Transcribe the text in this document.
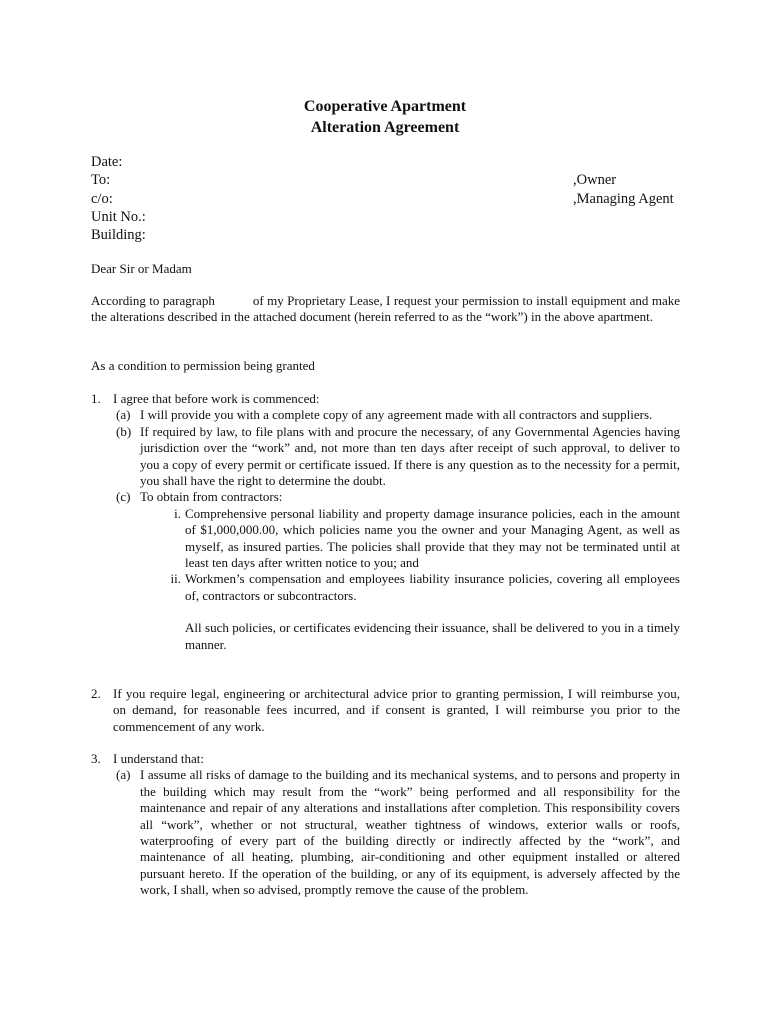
Cooperative Apartment
Alteration Agreement
Date:
To:	,Owner
c/o:	,Managing Agent
Unit No.:
Building:
Dear Sir or Madam
According to paragraph	of my Proprietary Lease, I request your permission to install equipment and make the alterations described in the attached document (herein referred to as the “work”) in the above apartment.
As a condition to permission being granted
1. I agree that before work is commenced:
(a) I will provide you with a complete copy of any agreement made with all contractors and suppliers.
(b) If required by law, to file plans with and procure the necessary, of any Governmental Agencies having jurisdiction over the “work” and, not more than ten days after receipt of such approval, to deliver to you a copy of every permit or certificate issued. If there is any question as to the necessity for a permit, you shall have the right to determine the doubt.
(c) To obtain from contractors:
i. Comprehensive personal liability and property damage insurance policies, each in the amount of $1,000,000.00, which policies name you the owner and your Managing Agent, as well as myself, as insured parties. The policies shall provide that they may not be terminated until at least ten days after written notice to you; and
ii. Workmen’s compensation and employees liability insurance policies, covering all employees of, contractors or subcontractors.
All such policies, or certificates evidencing their issuance, shall be delivered to you in a timely manner.
2. If you require legal, engineering or architectural advice prior to granting permission, I will reimburse you, on demand, for reasonable fees incurred, and if consent is granted, I will reimburse you prior to the commencement of any work.
3. I understand that:
(a) I assume all risks of damage to the building and its mechanical systems, and to persons and property in the building which may result from the “work” being performed and all responsibility for the maintenance and repair of any alterations and installations after completion. This responsibility covers all “work”, whether or not structural, weather tightness of windows, exterior walls or roofs, waterproofing of every part of the building directly or indirectly affected by the “work”, and maintenance of all heating, plumbing, air-conditioning and other equipment installed or altered pursuant hereto. If the operation of the building, or any of its equipment, is adversely affected by the work, I shall, when so advised, promptly remove the cause of the problem.
